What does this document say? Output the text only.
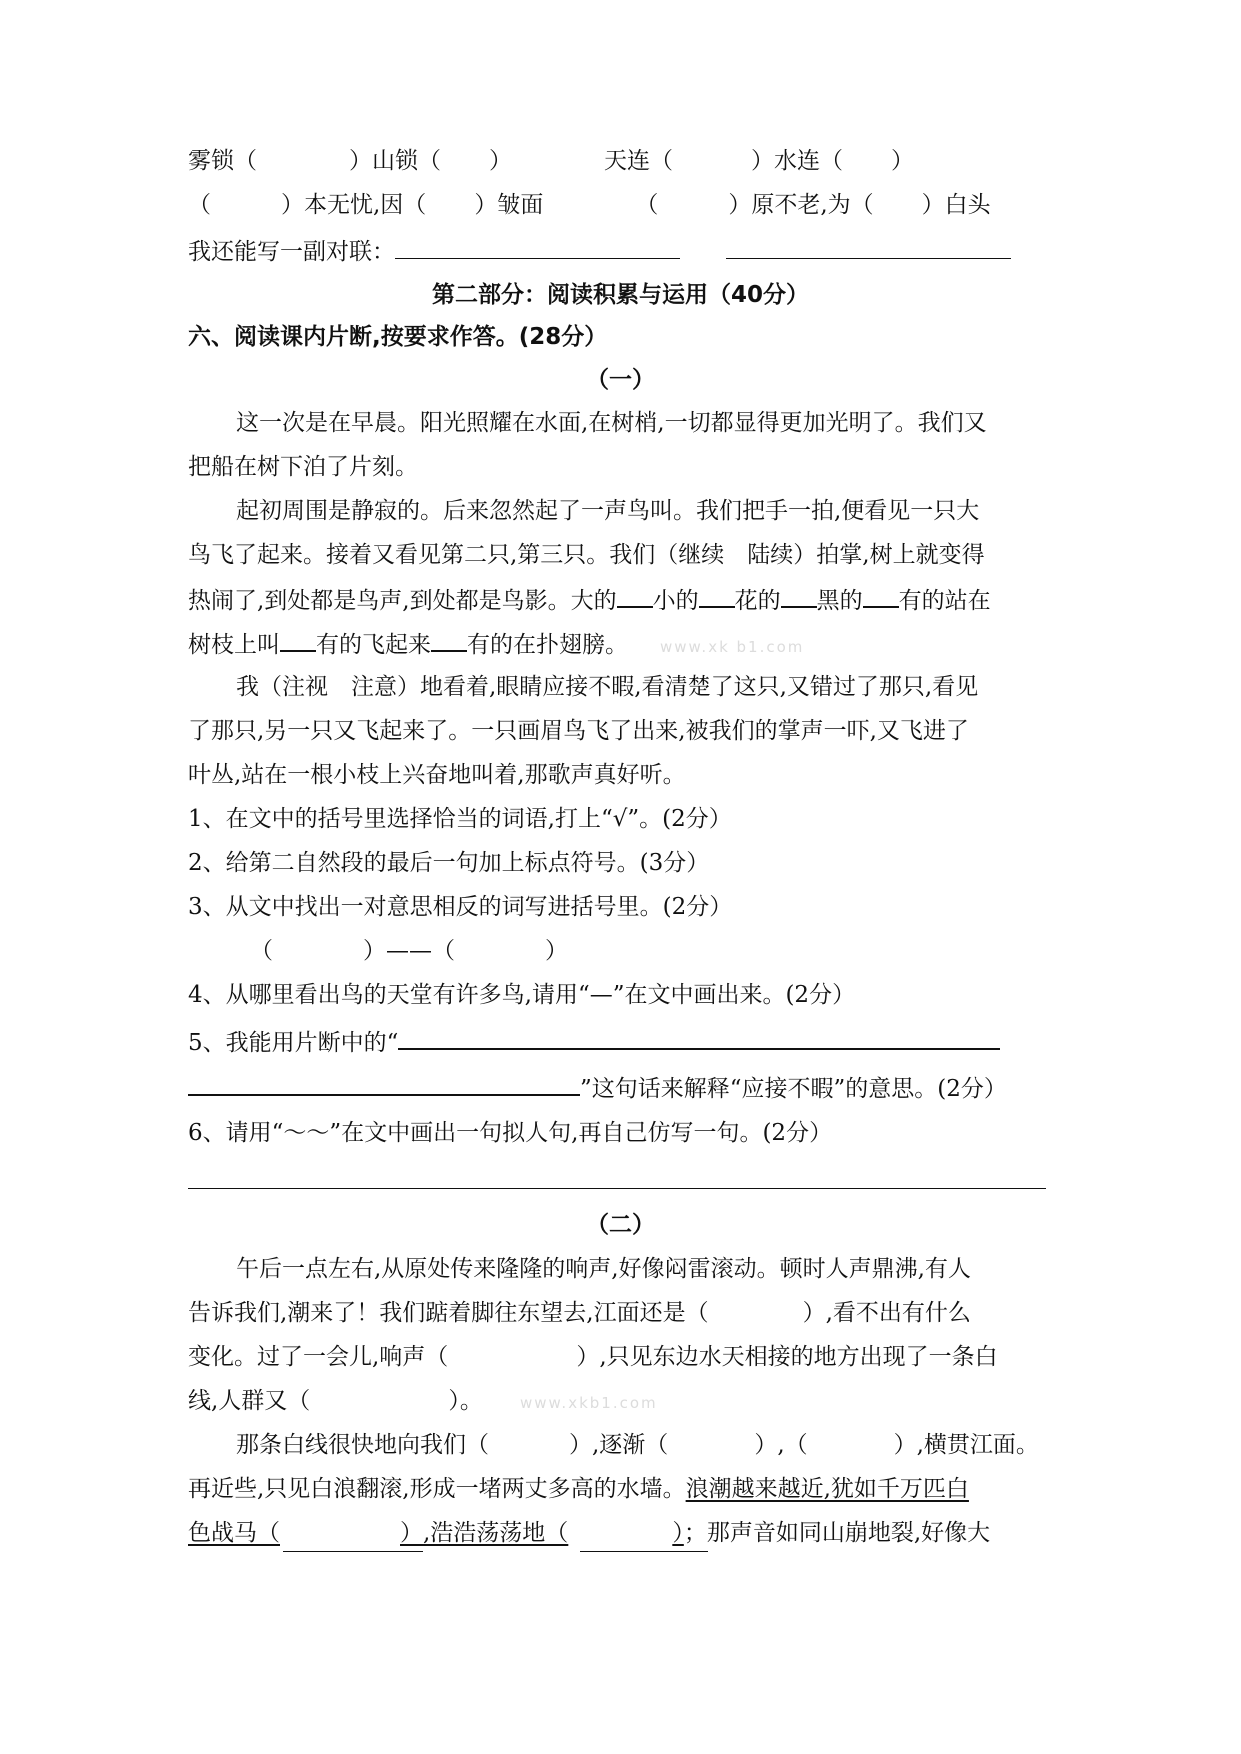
雾锁（	）山锁（ ）	天连（	）水连（ ）
（	）本无忧,因（ ）皱面	（	）原不老,为（ ）白头
我还能写一副对联：
第二部分：阅读积累与运用（40分）
六、阅读课内片断,按要求作答。(28分）
（一）
这一次是在早晨。阳光照耀在水面,在树梢,一切都显得更加光明了。我们又
把船在树下泊了片刻。
起初周围是静寂的。后来忽然起了一声鸟叫。我们把手一拍,便看见一只大
鸟飞了起来。接着又看见第二只,第三只。我们（继续　陆续）拍掌,树上就变得
热闹了,到处都是鸟声,到处都是鸟影。大的 小的 花的 黑的 有的站在
树枝上叫 有的飞起来 有的在扑翅膀。 www.xk b1.com
我（注视　注意）地看着,眼睛应接不暇,看清楚了这只,又错过了那只,看见
了那只,另一只又飞起来了。一只画眉鸟飞了出来,被我们的掌声一吓,又飞进了
叶丛,站在一根小枝上兴奋地叫着,那歌声真好听。
1、在文中的括号里选择恰当的词语,打上“√”。(2分）
2、给第二自然段的最后一句加上标点符号。(3分）
3、从文中找出一对意思相反的词写进括号里。(2分）
（	）——（	）
4、从哪里看出鸟的天堂有许多鸟,请用“—”在文中画出来。(2分）
5、我能用片断中的“
”这句话来解释“应接不暇”的意思。(2分）
6、请用“～～”在文中画出一句拟人句,再自己仿写一句。(2分）
（二）
午后一点左右,从原处传来隆隆的响声,好像闷雷滚动。顿时人声鼎沸,有人
告诉我们,潮来了！我们踮着脚往东望去,江面还是（	）,看不出有什么
变化。过了一会儿,响声（	）,只见东边水天相接的地方出现了一条白
线,人群又（	）。 www.xkb1.com
那条白线很快地向我们（	）,逐渐（	）,（	）,横贯江面。
再近些,只见白浪翻滚,形成一堵两丈多高的水墙。浪潮越来越近,犹如千万匹白
色战马（	）,浩浩荡荡地（	）；那声音如同山崩地裂,好像大
